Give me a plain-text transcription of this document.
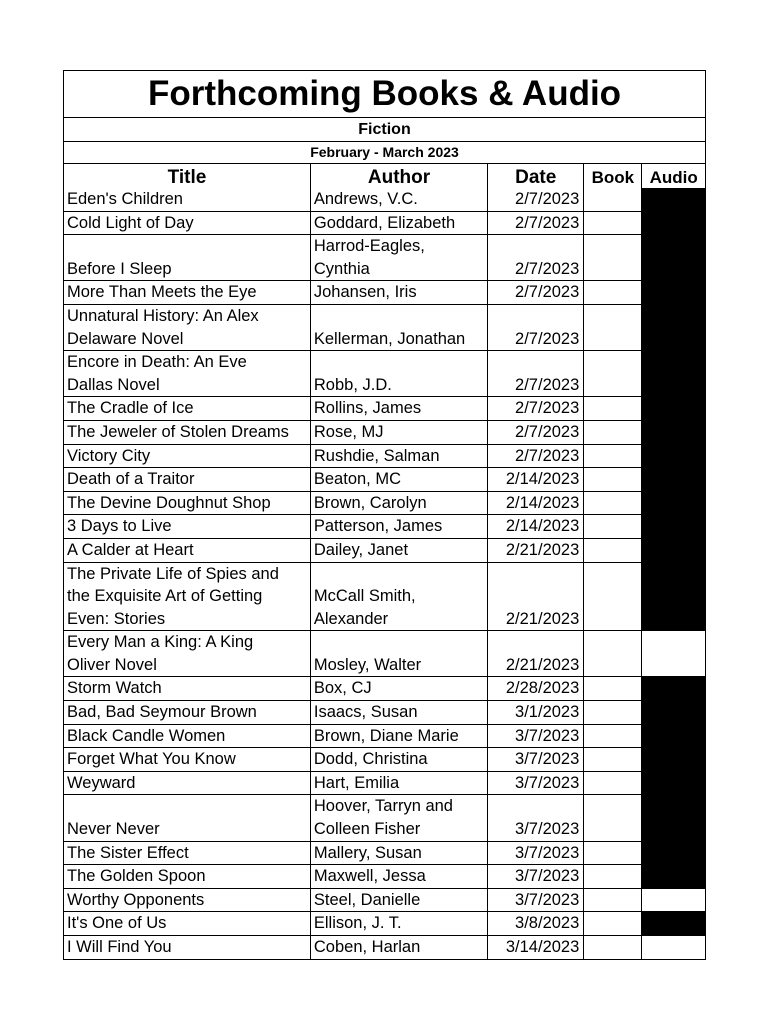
Forthcoming Books & Audio
Fiction
February - March 2023
Title	Author	Date	Book	Audio
Eden's Children	Andrews, V.C.	2/7/2023		
Cold Light of Day	Goddard, Elizabeth	2/7/2023		

Before I Sleep	Harrod-Eagles,
Cynthia	2/7/2023		
More Than Meets the Eye	Johansen, Iris	2/7/2023		
Unnatural History: An Alex
Delaware Novel	Kellerman, Jonathan	2/7/2023		
Encore in Death: An Eve
Dallas Novel	Robb, J.D.	2/7/2023		
The Cradle of Ice	Rollins, James	2/7/2023		
The Jeweler of Stolen Dreams	Rose, MJ	2/7/2023		
Victory City	Rushdie, Salman	2/7/2023		
Death of a Traitor	Beaton, MC	2/14/2023		
The Devine Doughnut Shop	Brown, Carolyn	2/14/2023		
3 Days to Live	Patterson, James	2/14/2023		
A Calder at Heart	Dailey, Janet	2/21/2023		
The Private Life of Spies and
the Exquisite Art of Getting
Even: Stories	McCall Smith,
Alexander	2/21/2023		
Every Man a King: A King
Oliver Novel	Mosley, Walter	2/21/2023		
Storm Watch	Box, CJ	2/28/2023		
Bad, Bad Seymour Brown	Isaacs, Susan	3/1/2023		
Black Candle Women	Brown, Diane Marie	3/7/2023		
Forget What You Know	Dodd, Christina	3/7/2023		
Weyward	Hart, Emilia	3/7/2023		

Never Never	Hoover, Tarryn and
Colleen Fisher	3/7/2023		
The Sister Effect	Mallery, Susan	3/7/2023		
The Golden Spoon	Maxwell, Jessa	3/7/2023		
Worthy Opponents	Steel, Danielle	3/7/2023		
It's One of Us	Ellison, J. T.	3/8/2023		
I Will Find You	Coben, Harlan	3/14/2023		
